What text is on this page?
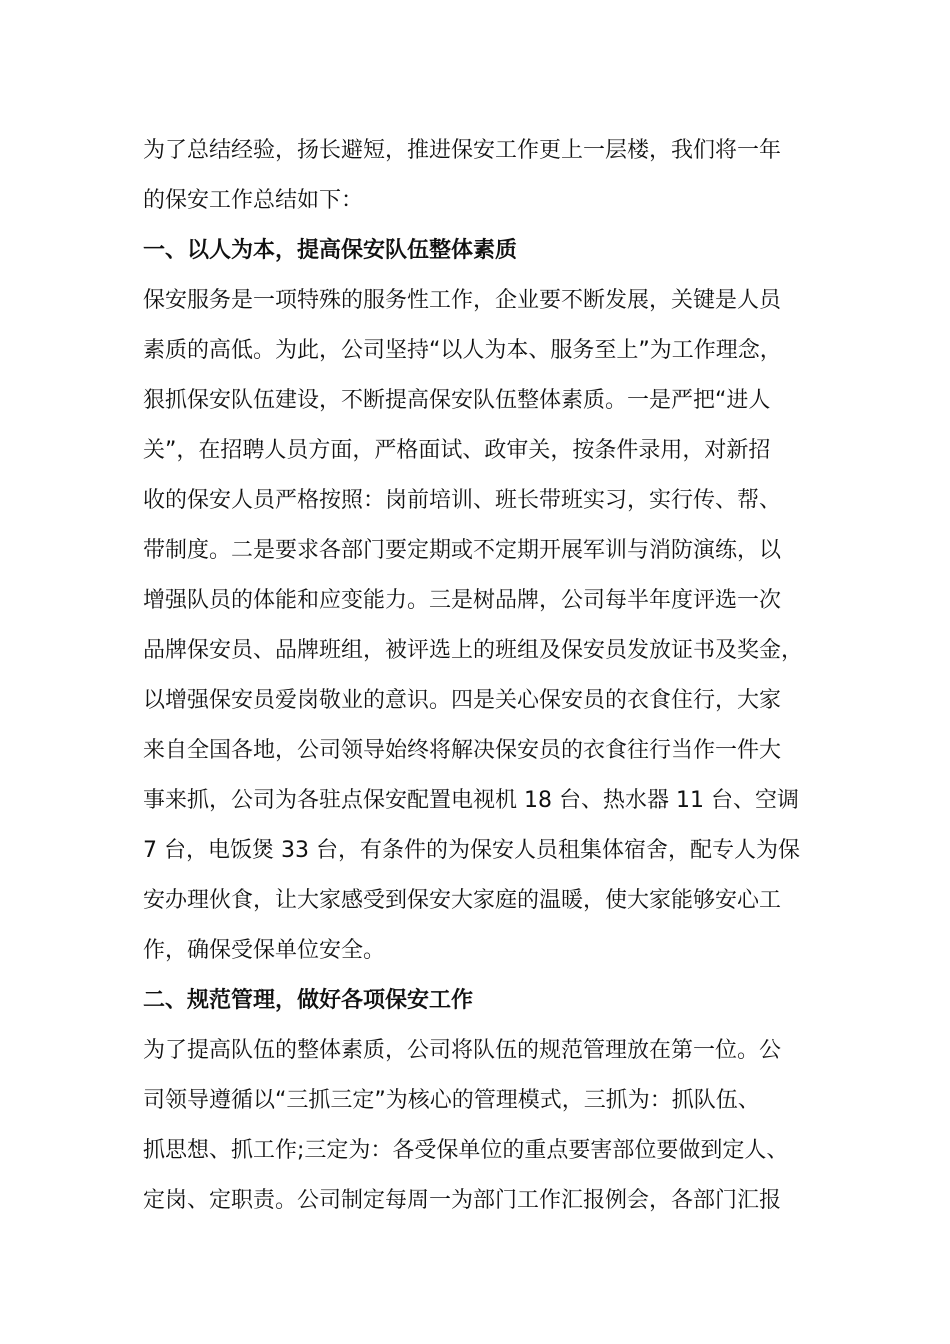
为了总结经验，扬长避短，推进保安工作更上一层楼，我们将一年
的保安工作总结如下：
一、以人为本，提高保安队伍整体素质
保安服务是一项特殊的服务性工作，企业要不断发展，关键是人员
素质的高低。为此，公司坚持“以人为本、服务至上”为工作理念，
狠抓保安队伍建设，不断提高保安队伍整体素质。一是严把“进人
关”，在招聘人员方面，严格面试、政审关，按条件录用，对新招
收的保安人员严格按照：岗前培训、班长带班实习，实行传、帮、
带制度。二是要求各部门要定期或不定期开展军训与消防演练，以
增强队员的体能和应变能力。三是树品牌，公司每半年度评选一次
品牌保安员、品牌班组，被评选上的班组及保安员发放证书及奖金，
以增强保安员爱岗敬业的意识。四是关心保安员的衣食住行，大家
来自全国各地，公司领导始终将解决保安员的衣食往行当作一件大
事来抓，公司为各驻点保安配置电视机 18 台、热水器 11 台、空调
7 台，电饭煲 33 台，有条件的为保安人员租集体宿舍，配专人为保
安办理伙食，让大家感受到保安大家庭的温暖，使大家能够安心工
作，确保受保单位安全。
二、规范管理，做好各项保安工作
为了提高队伍的整体素质，公司将队伍的规范管理放在第一位。公
司领导遵循以“三抓三定”为核心的管理模式，三抓为：抓队伍、
抓思想、抓工作;三定为：各受保单位的重点要害部位要做到定人、
定岗、定职责。公司制定每周一为部门工作汇报例会，各部门汇报
